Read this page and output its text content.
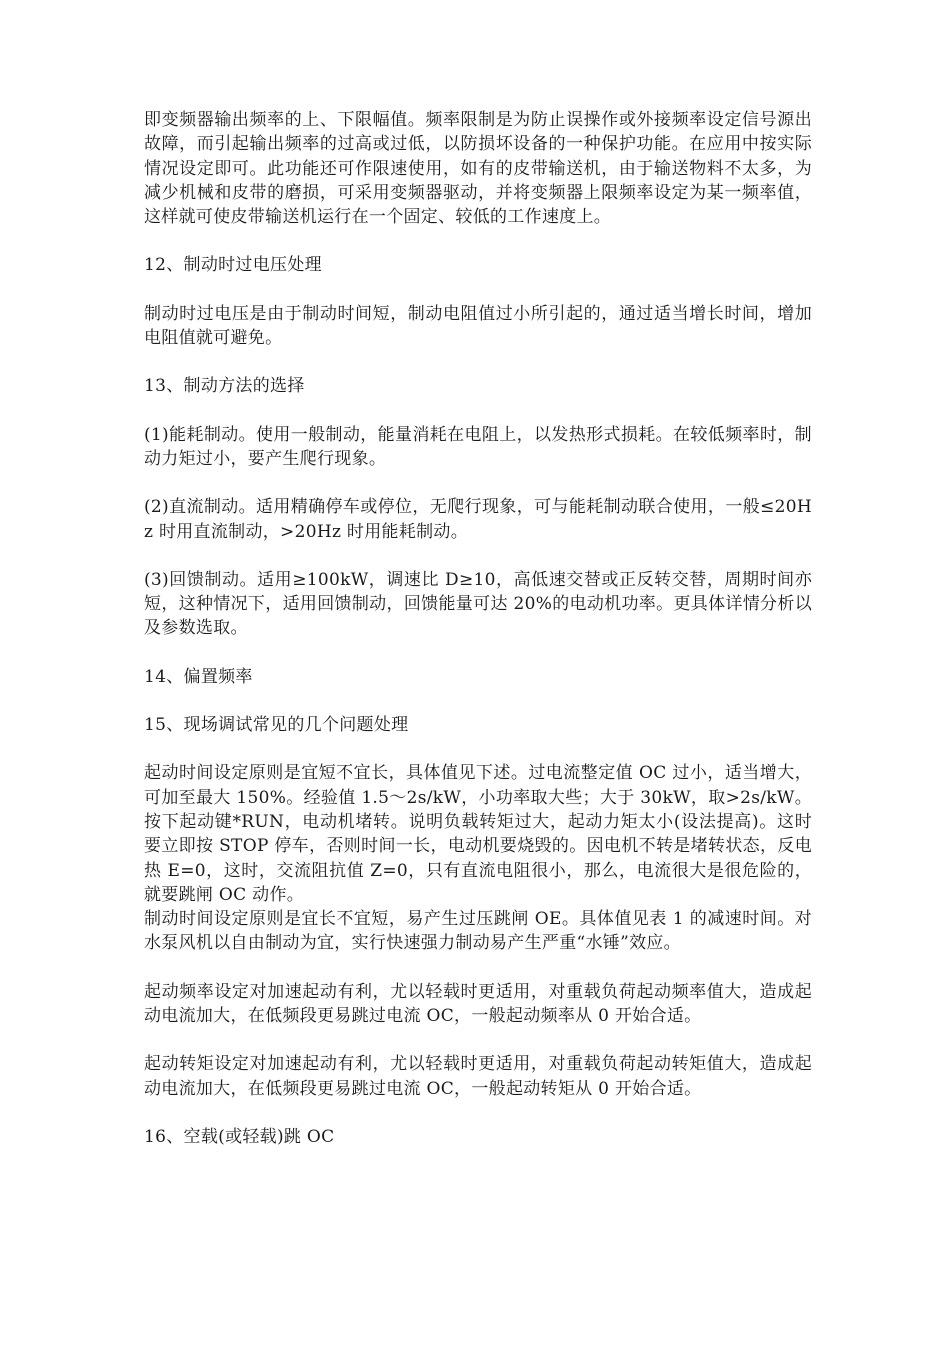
即变频器输出频率的上、下限幅值。频率限制是为防止误操作或外接频率设定信号源出故障，而引起输出频率的过高或过低，以防损坏设备的一种保护功能。在应用中按实际情况设定即可。此功能还可作限速使用，如有的皮带输送机，由于输送物料不太多，为减少机械和皮带的磨损，可采用变频器驱动，并将变频器上限频率设定为某一频率值，这样就可使皮带输送机运行在一个固定、较低的工作速度上。

12、制动时过电压处理

制动时过电压是由于制动时间短，制动电阻值过小所引起的，通过适当增长时间，增加电阻值就可避免。

13、制动方法的选择

(1)能耗制动。使用一般制动，能量消耗在电阻上，以发热形式损耗。在较低频率时，制动力矩过小，要产生爬行现象。

(2)直流制动。适用精确停车或停位，无爬行现象，可与能耗制动联合使用，一般≤20Hz 时用直流制动，>20Hz 时用能耗制动。

(3)回馈制动。适用≥100kW，调速比 D≥10，高低速交替或正反转交替，周期时间亦短，这种情况下，适用回馈制动，回馈能量可达 20%的电动机功率。更具体详情分析以及参数选取。

14、偏置频率

15、现场调试常见的几个问题处理

起动时间设定原则是宜短不宜长，具体值见下述。过电流整定值 OC 过小，适当增大，可加至最大 150%。经验值 1.5～2s/kW，小功率取大些；大于 30kW，取>2s/kW。按下起动键*RUN，电动机堵转。说明负载转矩过大，起动力矩太小(设法提高)。这时要立即按 STOP 停车，否则时间一长，电动机要烧毁的。因电机不转是堵转状态，反电热 E=0，这时，交流阻抗值 Z=0，只有直流电阻很小，那么，电流很大是很危险的，就要跳闸 OC 动作。

制动时间设定原则是宜长不宜短，易产生过压跳闸 OE。具体值见表 1 的减速时间。对水泵风机以自由制动为宜，实行快速强力制动易产生严重“水锤”效应。

起动频率设定对加速起动有利，尤以轻载时更适用，对重载负荷起动频率值大，造成起动电流加大，在低频段更易跳过电流 OC，一般起动频率从 0 开始合适。

起动转矩设定对加速起动有利，尤以轻载时更适用，对重载负荷起动转矩值大，造成起动电流加大，在低频段更易跳过电流 OC，一般起动转矩从 0 开始合适。

16、空载(或轻载)跳 OC
